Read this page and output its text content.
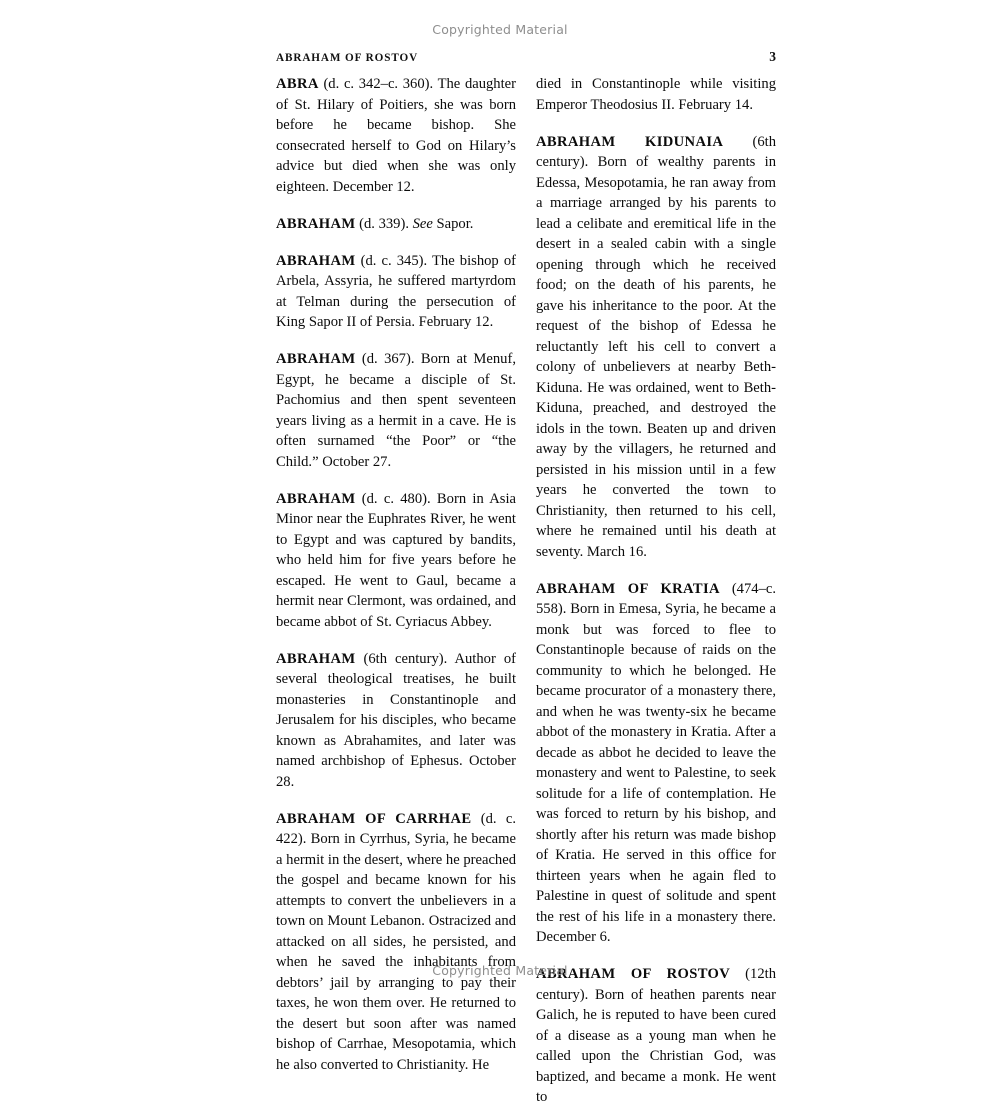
Copyrighted Material
ABRAHAM OF ROSTOV	3

ABRA (d. c. 342–c. 360). The daughter of St. Hilary of Poitiers, she was born before he became bishop. She consecrated herself to God on Hilary’s advice but died when she was only eighteen. December 12.

ABRAHAM (d. 339). See Sapor.

ABRAHAM (d. c. 345). The bishop of Arbela, Assyria, he suffered martyrdom at Telman during the persecution of King Sapor II of Persia. February 12.

ABRAHAM (d. 367). Born at Menuf, Egypt, he became a disciple of St. Pachomius and then spent seventeen years living as a hermit in a cave. He is often surnamed “the Poor” or “the Child.” October 27.

ABRAHAM (d. c. 480). Born in Asia Minor near the Euphrates River, he went to Egypt and was captured by bandits, who held him for five years before he escaped. He went to Gaul, became a hermit near Clermont, was ordained, and became abbot of St. Cyriacus Abbey.

ABRAHAM (6th century). Author of several theological treatises, he built monasteries in Constantinople and Jerusalem for his disciples, who became known as Abrahamites, and later was named archbishop of Ephesus. October 28.

ABRAHAM OF CARRHAE (d. c. 422). Born in Cyrrhus, Syria, he became a hermit in the desert, where he preached the gospel and became known for his attempts to convert the unbelievers in a town on Mount Lebanon. Ostracized and attacked on all sides, he persisted, and when he saved the inhabitants from debtors’ jail by arranging to pay their taxes, he won them over. He returned to the desert but soon after was named bishop of Carrhae, Mesopotamia, which he also converted to Christianity. He

died in Constantinople while visiting Emperor Theodosius II. February 14.

ABRAHAM KIDUNAIA (6th century). Born of wealthy parents in Edessa, Mesopotamia, he ran away from a marriage arranged by his parents to lead a celibate and eremitical life in the desert in a sealed cabin with a single opening through which he received food; on the death of his parents, he gave his inheritance to the poor. At the request of the bishop of Edessa he reluctantly left his cell to convert a colony of unbelievers at nearby Beth-Kiduna. He was ordained, went to Beth-Kiduna, preached, and destroyed the idols in the town. Beaten up and driven away by the villagers, he returned and persisted in his mission until in a few years he converted the town to Christianity, then returned to his cell, where he remained until his death at seventy. March 16.

ABRAHAM OF KRATIA (474–c. 558). Born in Emesa, Syria, he became a monk but was forced to flee to Constantinople because of raids on the community to which he belonged. He became procurator of a monastery there, and when he was twenty-six he became abbot of the monastery in Kratia. After a decade as abbot he decided to leave the monastery and went to Palestine, to seek solitude for a life of contemplation. He was forced to return by his bishop, and shortly after his return was made bishop of Kratia. He served in this office for thirteen years when he again fled to Palestine in quest of solitude and spent the rest of his life in a monastery there. December 6.

ABRAHAM OF ROSTOV (12th century). Born of heathen parents near Galich, he is reputed to have been cured of a disease as a young man when he called upon the Christian God, was baptized, and became a monk. He went to

Copyrighted Material
